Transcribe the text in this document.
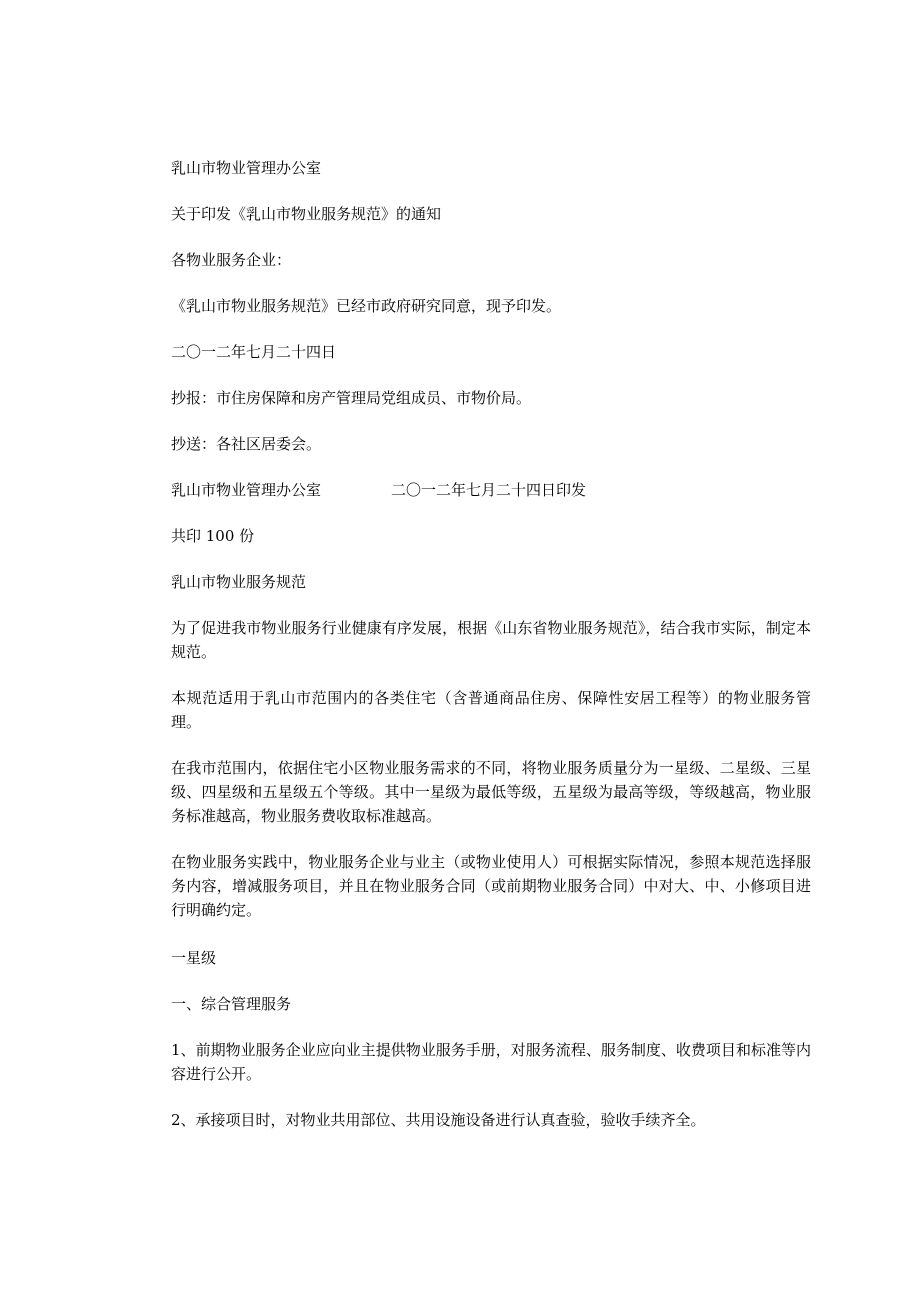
乳山市物业管理办公室

关于印发《乳山市物业服务规范》的通知

各物业服务企业：

《乳山市物业服务规范》已经市政府研究同意，现予印发。

二〇一二年七月二十四日

抄报：市住房保障和房产管理局党组成员、市物价局。

抄送：各社区居委会。

乳山市物业管理办公室	二〇一二年七月二十四日印发

共印 100 份

乳山市物业服务规范

为了促进我市物业服务行业健康有序发展，根据《山东省物业服务规范》，结合我市实际，制定本规范。

本规范适用于乳山市范围内的各类住宅（含普通商品住房、保障性安居工程等）的物业服务管理。

在我市范围内，依据住宅小区物业服务需求的不同，将物业服务质量分为一星级、二星级、三星级、四星级和五星级五个等级。其中一星级为最低等级，五星级为最高等级，等级越高，物业服务标准越高，物业服务费收取标准越高。

在物业服务实践中，物业服务企业与业主（或物业使用人）可根据实际情况，参照本规范选择服务内容，增减服务项目，并且在物业服务合同（或前期物业服务合同）中对大、中、小修项目进行明确约定。

一星级

一、综合管理服务

1、前期物业服务企业应向业主提供物业服务手册，对服务流程、服务制度、收费项目和标准等内容进行公开。

2、承接项目时，对物业共用部位、共用设施设备进行认真查验，验收手续齐全。
